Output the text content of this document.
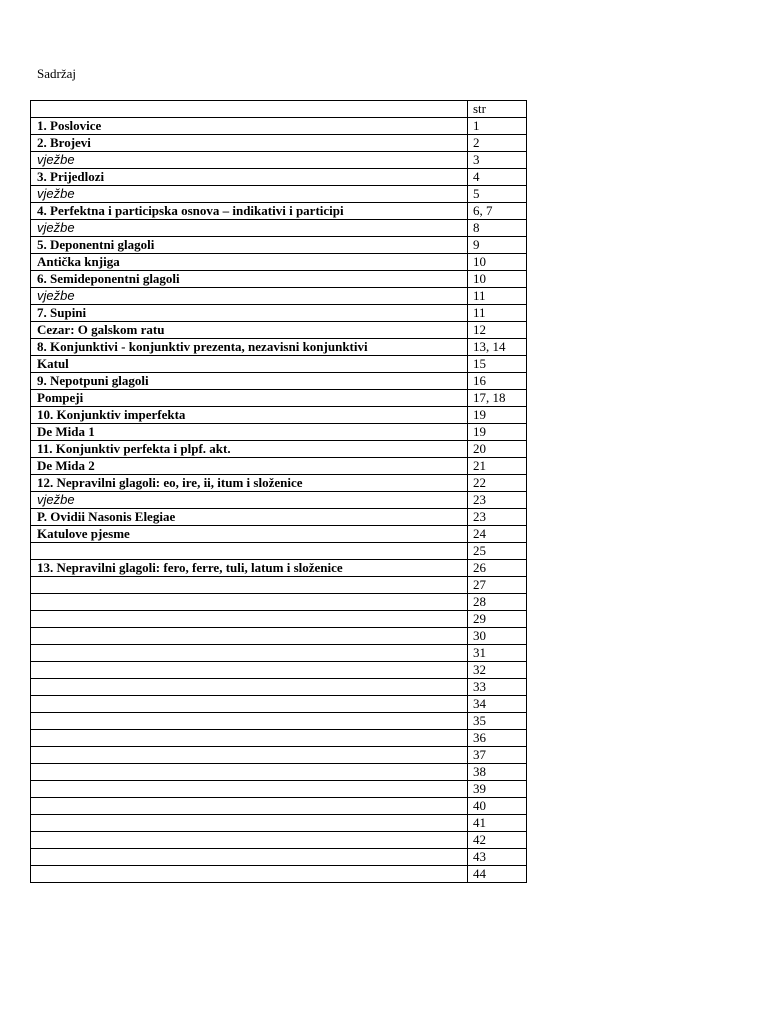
Sadržaj
	str
1. Poslovice	1
2. Brojevi	2
vježbe	3
3. Prijedlozi	4
vježbe	5
4. Perfektna i participska osnova – indikativi i participi	6, 7
vježbe	8
5. Deponentni glagoli	9
Antička knjiga	10
6. Semideponentni glagoli	10
vježbe	11
7. Supini	11
Cezar: O galskom ratu	12
8. Konjunktivi - konjunktiv prezenta, nezavisni konjunktivi	13, 14
Katul	15
9. Nepotpuni glagoli	16
Pompeji	17, 18
10. Konjunktiv imperfekta	19
De Mida 1	19
11. Konjunktiv perfekta i plpf. akt.	20
De Mida 2	21
12. Nepravilni glagoli: eo, ire, ii, itum i složenice	22
vježbe	23
P. Ovidii Nasonis Elegiae	23
Katulove pjesme	24
	25
13. Nepravilni glagoli: fero, ferre, tuli, latum i složenice	26
	27
	28
	29
	30
	31
	32
	33
	34
	35
	36
	37
	38
	39
	40
	41
	42
	43
	44
